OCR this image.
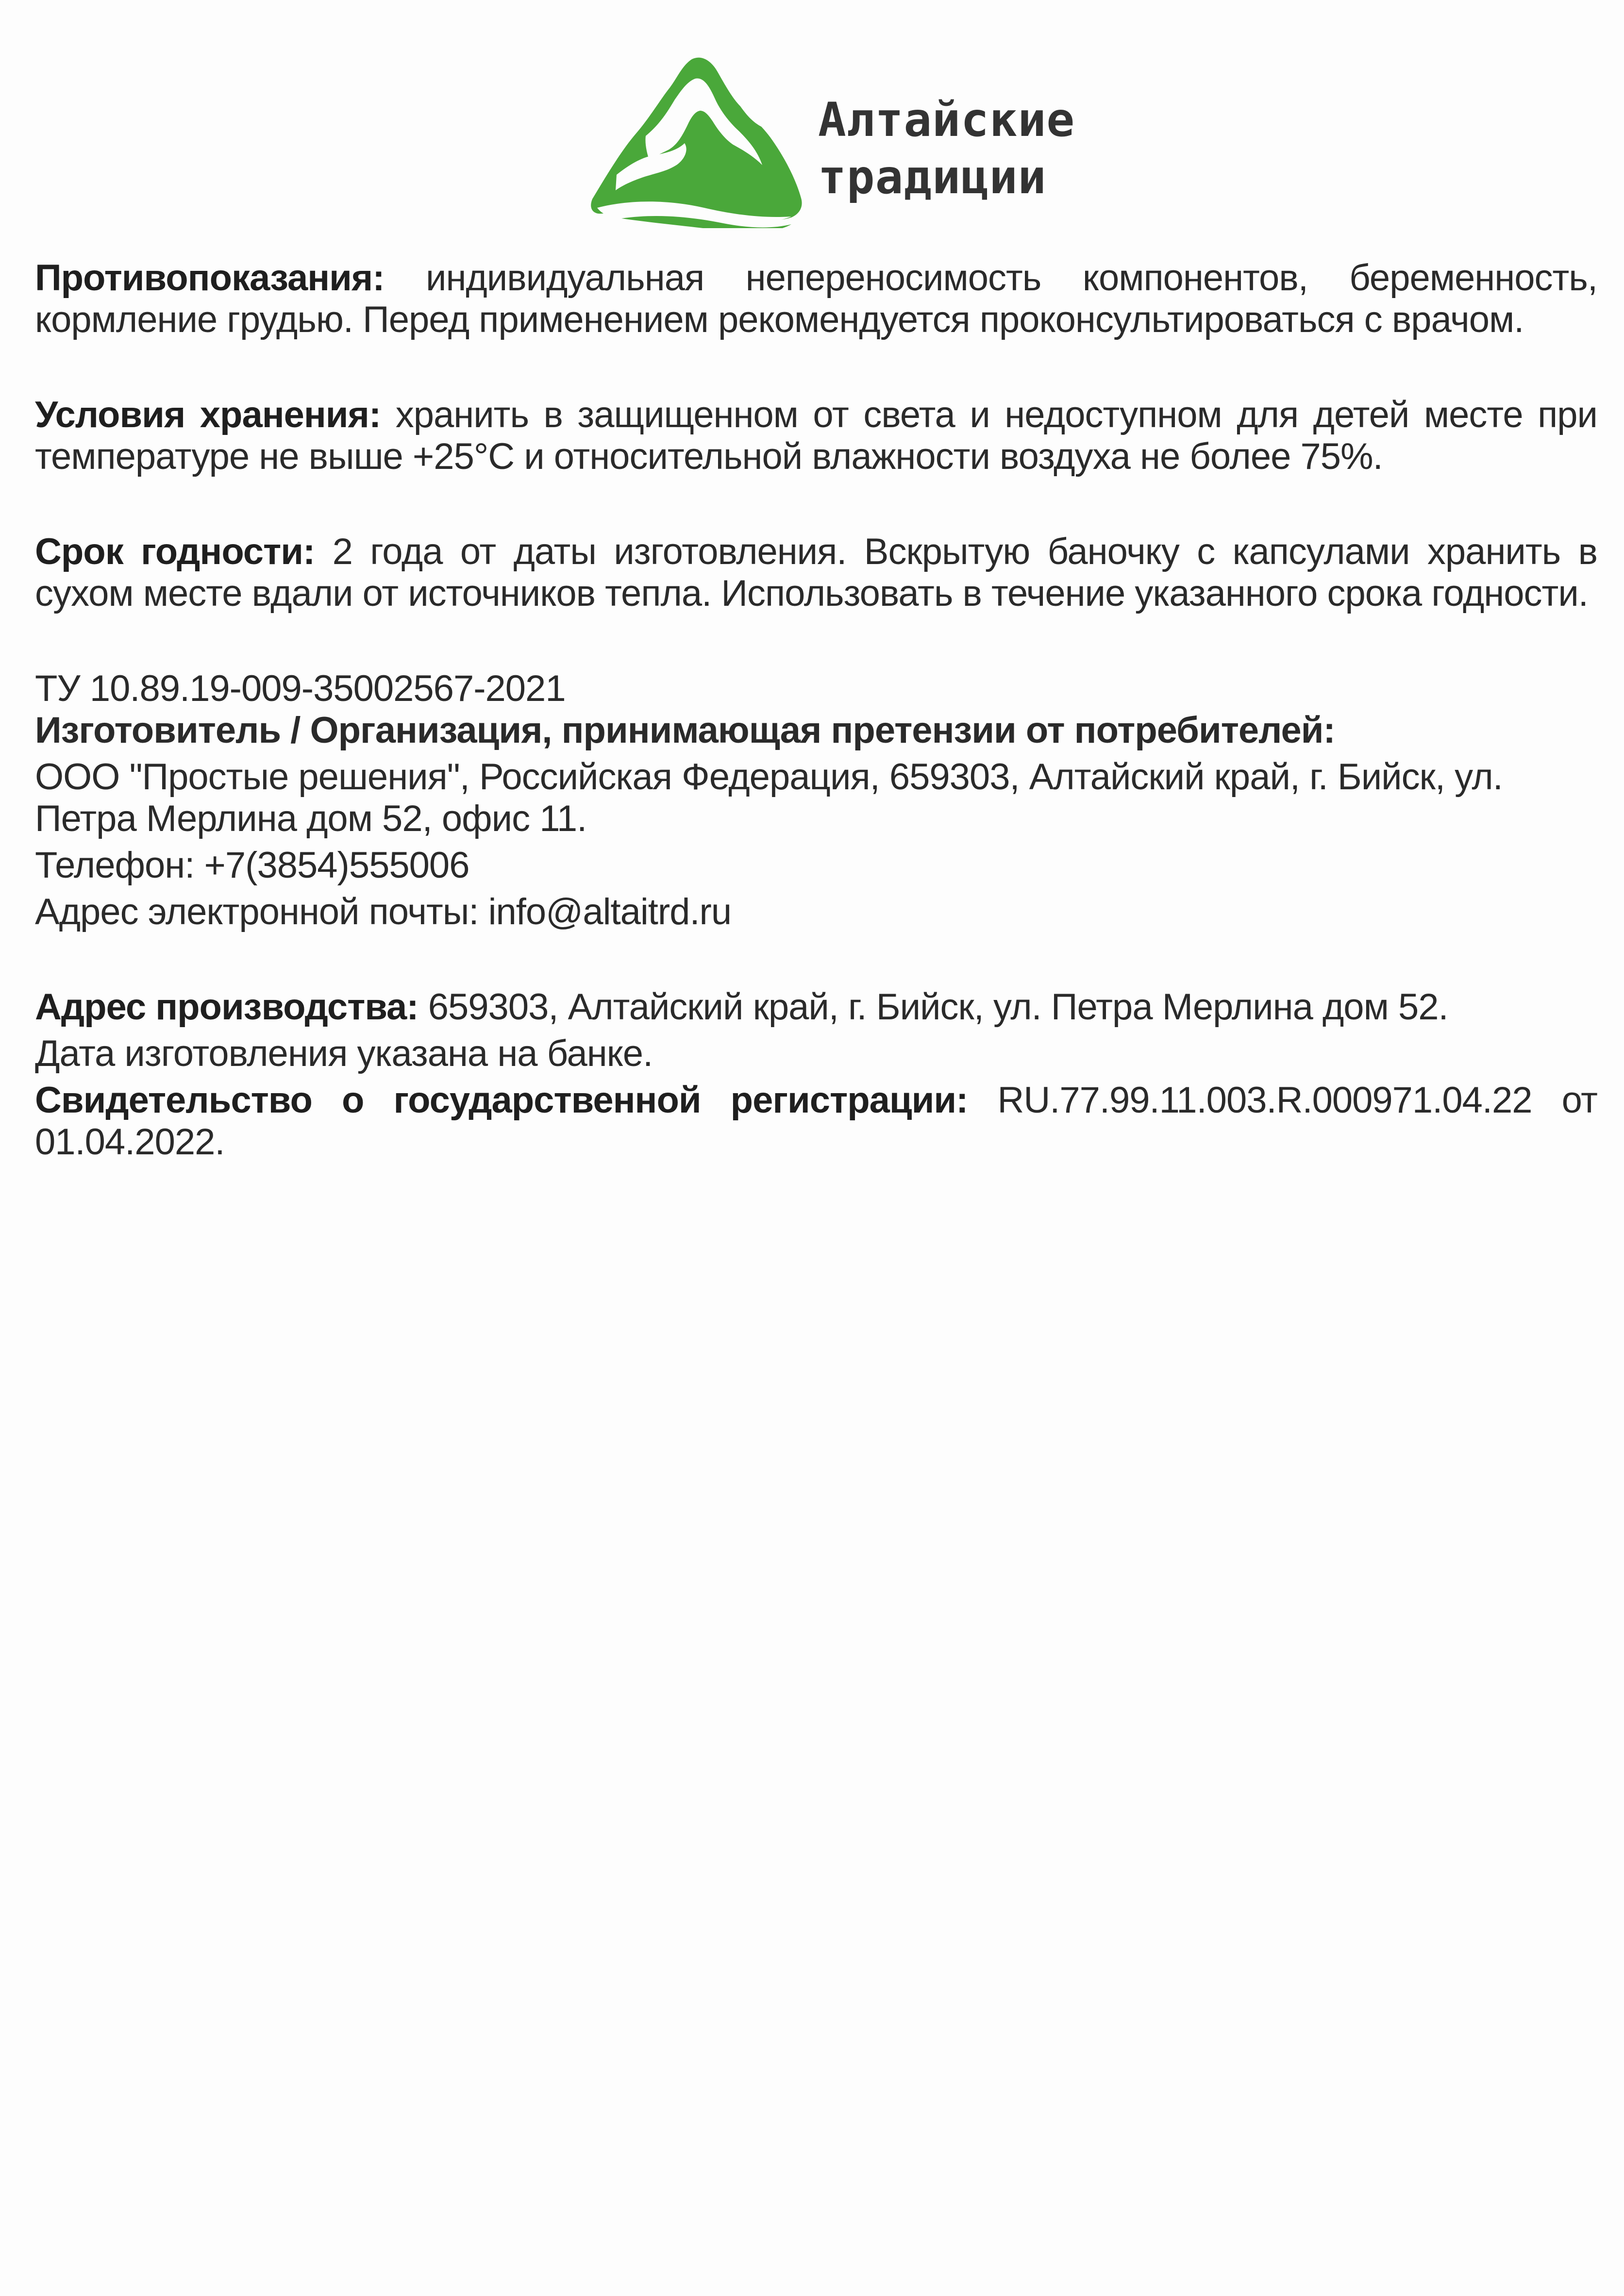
Алтайские
традиции

Противопоказания: индивидуальная непереносимость компонентов, беременность, кормление грудью. Перед применением рекомендуется проконсультироваться с врачом.

Условия хранения: хранить в защищенном от света и недоступном для детей месте при температуре не выше +25°C и относительной влажности воздуха не более 75%.

Срок годности: 2 года от даты изготовления. Вскрытую баночку с капсулами хранить в сухом месте вдали от источников тепла. Использовать в течение указанного срока годности.

ТУ 10.89.19-009-35002567-2021
Изготовитель / Организация, принимающая претензии от потребителей:
ООО "Простые решения", Российская Федерация, 659303, Алтайский край, г. Бийск, ул. Петра Мерлина дом 52, офис 11.
Телефон: +7(3854)555006
Адрес электронной почты: info@altaitrd.ru
Адрес производства: 659303, Алтайский край, г. Бийск, ул. Петра Мерлина дом 52.
Дата изготовления указана на банке.

Свидетельство о государственной регистрации: RU.77.99.11.003.R.000971.04.22 от 01.04.2022.
